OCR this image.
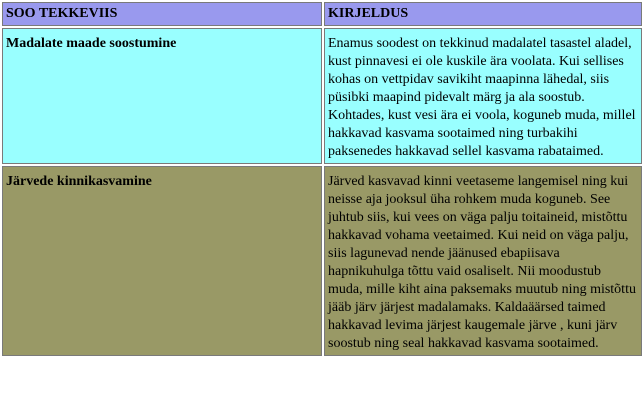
SOO TEKKEVIIS	KIRJELDUS
Madalate maade soostumine	Enamus soodest on tekkinud madalatel tasastel aladel, kust pinnavesi ei ole kuskile ära voolata. Kui sellises kohas on vettpidav savikiht maapinna lähedal, siis püsibki maapind pidevalt märg ja ala soostub. Kohtades, kust vesi ära ei voola, koguneb muda, millel hakkavad kasvama sootaimed ning turbakihi paksenedes hakkavad sellel kasvama rabataimed.
Järvede kinnikasvamine	Järved kasvavad kinni veetaseme langemisel ning kui neisse aja jooksul üha rohkem muda koguneb. See juhtub siis, kui vees on väga palju toitaineid, mistõttu hakkavad vohama veetaimed. Kui neid on väga palju, siis lagunevad nende jäänused ebapiisava hapnikuhulga tõttu vaid osaliselt. Nii moodustub muda, mille kiht aina paksemaks muutub ning mistõttu jääb järv järjest madalamaks. Kaldaäärsed taimed hakkavad levima järjest kaugemale järve , kuni järv soostub ning seal hakkavad kasvama sootaimed.
